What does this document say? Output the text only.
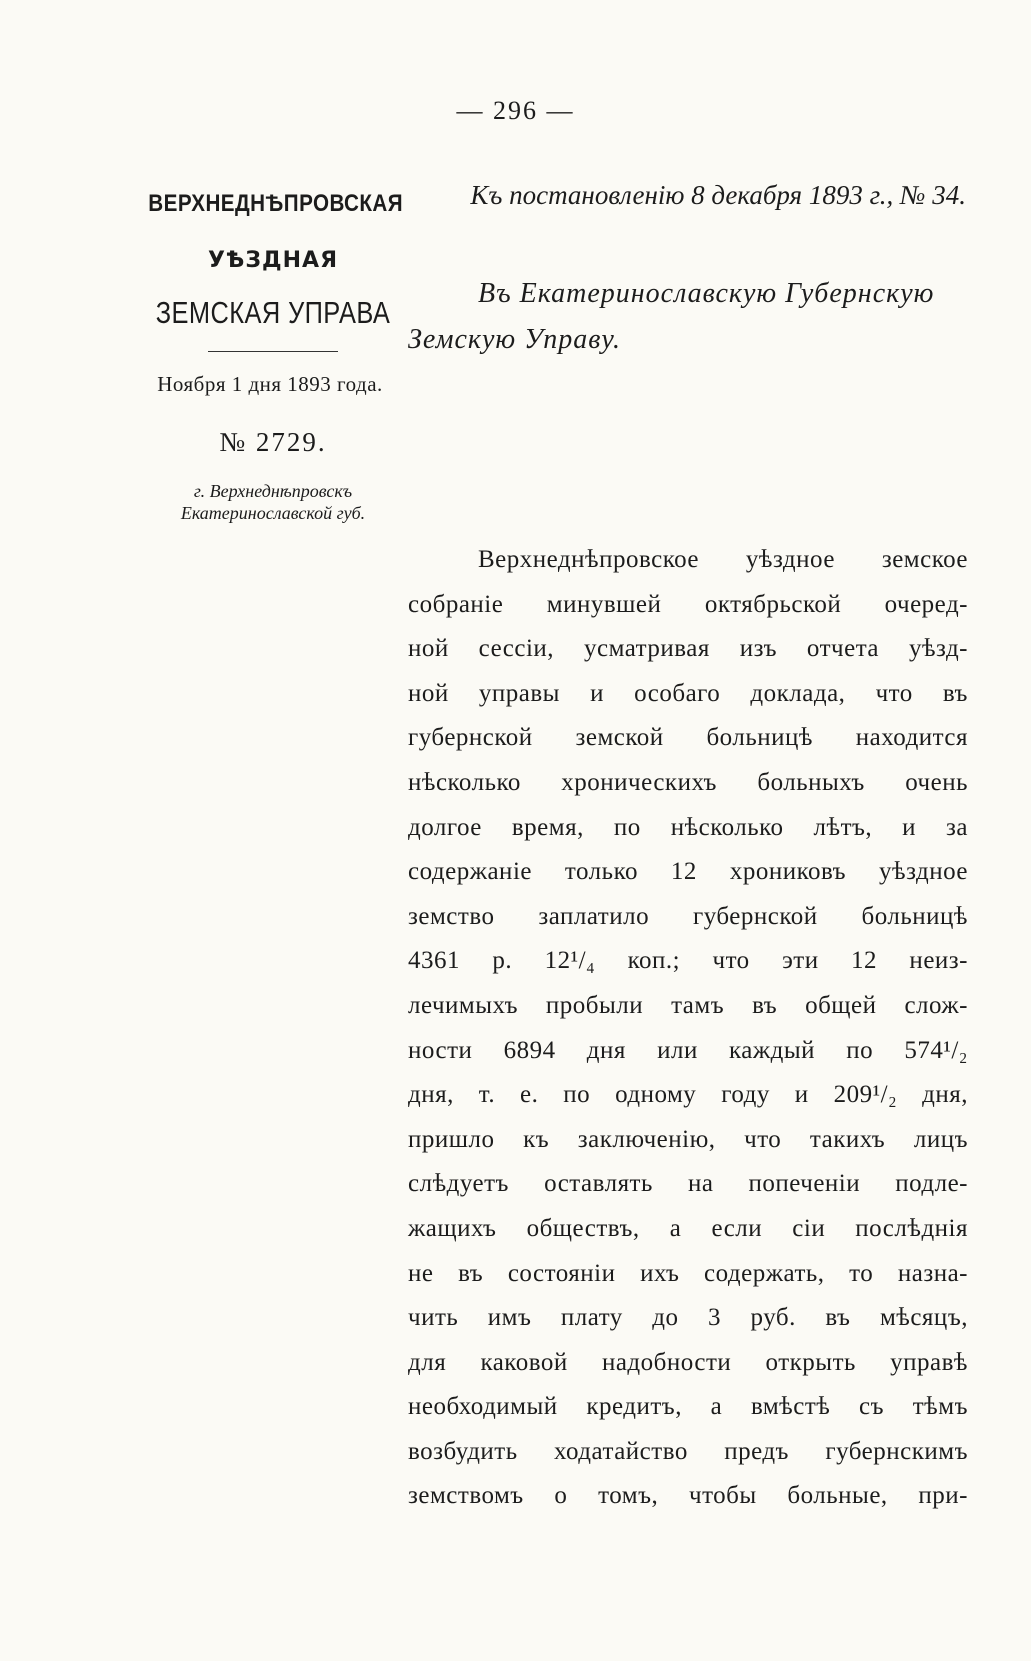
— 296 —
ВЕРХНЕДНѢПРОВСКАЯ
УѢЗДНАЯ
ЗЕМСКАЯ УПРАВА
Ноября 1 дня 1893 года.
№ 2729.
г. Верхнеднѣпровскъ Екатеринославской губ.
Къ постановленію 8 декабря 1893 г., № 34.
Въ Екатеринославскую Губернскую
Земскую Управу.
Верхнеднѣпровское уѣздное земское
собраніе минувшей октябрьской очеред-
ной сессіи, усматривая изъ отчета уѣзд-
ной управы и особаго доклада, что въ
губернской земской больницѣ находится
нѣсколько хроническихъ больныхъ очень
долгое время, по нѣсколько лѣтъ, и за
содержаніе только 12 хрониковъ уѣздное
земство заплатило губернской больницѣ
4361 р. 12¹/₄ коп.; что эти 12 неиз-
лечимыхъ пробыли тамъ въ общей слож-
ности 6894 дня или каждый по 574¹/₂
дня, т. е. по одному году и 209¹/₂ дня,
пришло къ заключенію, что такихъ лицъ
слѣдуетъ оставлять на попеченіи подле-
жащихъ обществъ, а если сіи послѣднія
не въ состояніи ихъ содержать, то назна-
чить имъ плату до 3 руб. въ мѣсяцъ,
для каковой надобности открыть управѣ
необходимый кредитъ, а вмѣстѣ съ тѣмъ
возбудить ходатайство предъ губернскимъ
земствомъ о томъ, чтобы больные, при-
